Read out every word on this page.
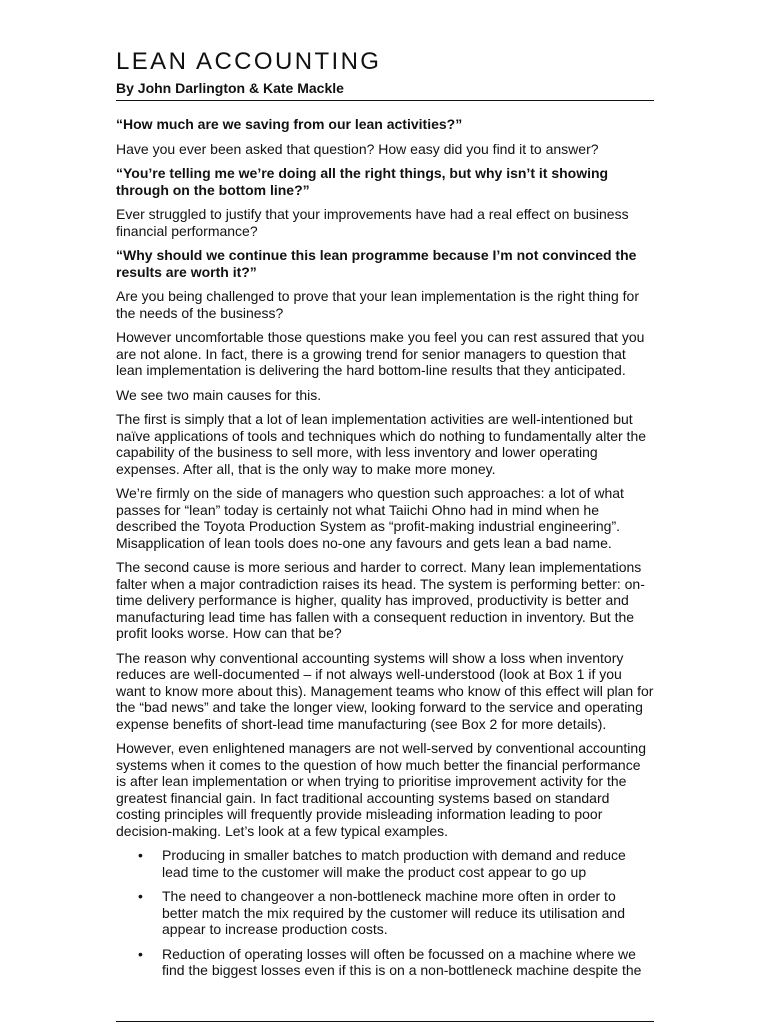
LEAN ACCOUNTING
By John Darlington & Kate Mackle
“How much are we saving from our lean activities?”
Have you ever been asked that question? How easy did you find it to answer?
“You’re telling me we’re doing all the right things, but why isn’t it showing through on the bottom line?”
Ever struggled to justify that your improvements have had a real effect on business financial performance?
“Why should we continue this lean programme because I’m not convinced the results are worth it?”
Are you being challenged to prove that your lean implementation is the right thing for the needs of the business?
However uncomfortable those questions make you feel you can rest assured that you are not alone. In fact, there is a growing trend for senior managers to question that lean implementation is delivering the hard bottom-line results that they anticipated.
We see two main causes for this.
The first is simply that a lot of lean implementation activities are well-intentioned but naïve applications of tools and techniques which do nothing to fundamentally alter the capability of the business to sell more, with less inventory and lower operating expenses. After all, that is the only way to make more money.
We’re firmly on the side of managers who question such approaches: a lot of what passes for “lean” today is certainly not what Taiichi Ohno had in mind when he described the Toyota Production System as “profit-making industrial engineering”. Misapplication of lean tools does no-one any favours and gets lean a bad name.
The second cause is more serious and harder to correct. Many lean implementations falter when a major contradiction raises its head. The system is performing better: on-time delivery performance is higher, quality has improved, productivity is better and manufacturing lead time has fallen with a consequent reduction in inventory. But the profit looks worse. How can that be?
The reason why conventional accounting systems will show a loss when inventory reduces are well-documented – if not always well-understood (look at Box 1 if you want to know more about this). Management teams who know of this effect will plan for the “bad news” and take the longer view, looking forward to the service and operating expense benefits of short-lead time manufacturing (see Box 2 for more details).
However, even enlightened managers are not well-served by conventional accounting systems when it comes to the question of how much better the financial performance is after lean implementation or when trying to prioritise improvement activity for the greatest financial gain. In fact traditional accounting systems based on standard costing principles will frequently provide misleading information leading to poor decision-making. Let’s look at a few typical examples.
• Producing in smaller batches to match production with demand and reduce lead time to the customer will make the product cost appear to go up
• The need to changeover a non-bottleneck machine more often in order to better match the mix required by the customer will reduce its utilisation and appear to increase production costs.
• Reduction of operating losses will often be focussed on a machine where we find the biggest losses even if this is on a non-bottleneck machine despite the
